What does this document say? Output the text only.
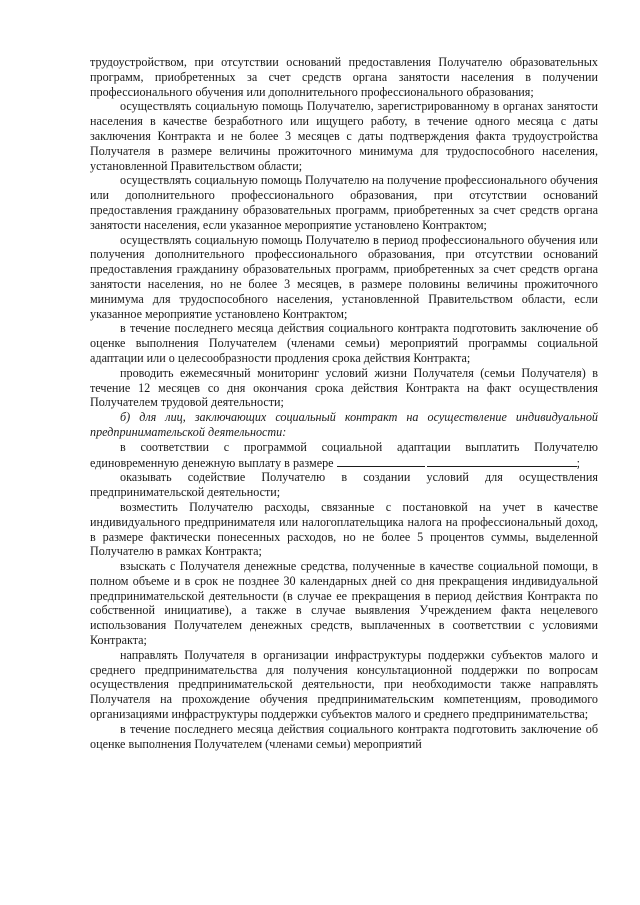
трудоустройством, при отсутствии оснований предоставления Получателю образовательных программ, приобретенных за счет средств органа занятости населения в получении профессионального обучения или дополнительного профессионального образования;

осуществлять социальную помощь Получателю, зарегистрированному в органах занятости населения в качестве безработного или ищущего работу, в течение одного месяца с даты заключения Контракта и не более 3 месяцев с даты подтверждения факта трудоустройства Получателя в размере величины прожиточного минимума для трудоспособного населения, установленной Правительством области;

осуществлять социальную помощь Получателю на получение профессионального обучения или дополнительного профессионального образования, при отсутствии оснований предоставления гражданину образовательных программ, приобретенных за счет средств органа занятости населения, если указанное мероприятие установлено Контрактом;

осуществлять социальную помощь Получателю в период профессионального обучения или получения дополнительного профессионального образования, при отсутствии оснований предоставления гражданину образовательных программ, приобретенных за счет средств органа занятости населения, но не более 3 месяцев, в размере половины величины прожиточного минимума для трудоспособного населения, установленной Правительством области, если указанное мероприятие установлено Контрактом;

в течение последнего месяца действия социального контракта подготовить заключение об оценке выполнения Получателем (членами семьи) мероприятий программы социальной адаптации или о целесообразности продления срока действия Контракта;

проводить ежемесячный мониторинг условий жизни Получателя (семьи Получателя) в течение 12 месяцев со дня окончания срока действия Контракта на факт осуществления Получателем трудовой деятельности;

б) для лиц, заключающих социальный контракт на осуществление индивидуальной предпринимательской деятельности:

в соответствии с программой социальной адаптации выплатить Получателю единовременную денежную выплату в размере	;

оказывать содействие Получателю в создании условий для осуществления предпринимательской деятельности;

возместить Получателю расходы, связанные с постановкой на учет в качестве индивидуального предпринимателя или налогоплательщика налога на профессиональный доход, в размере фактически понесенных расходов, но не более 5 процентов суммы, выделенной Получателю в рамках Контракта;

взыскать с Получателя денежные средства, полученные в качестве социальной помощи, в полном объеме и в срок не позднее 30 календарных дней со дня прекращения индивидуальной предпринимательской деятельности (в случае ее прекращения в период действия Контракта по собственной инициативе), а также в случае выявления Учреждением факта нецелевого использования Получателем денежных средств, выплаченных в соответствии с условиями Контракта;

направлять Получателя в организации инфраструктуры поддержки субъектов малого и среднего предпринимательства для получения консультационной поддержки по вопросам осуществления предпринимательской деятельности, при необходимости также направлять Получателя на прохождение обучения предпринимательским компетенциям, проводимого организациями инфраструктуры поддержки субъектов малого и среднего предпринимательства;

в течение последнего месяца действия социального контракта подготовить заключение об оценке выполнения Получателем (членами семьи) мероприятий
